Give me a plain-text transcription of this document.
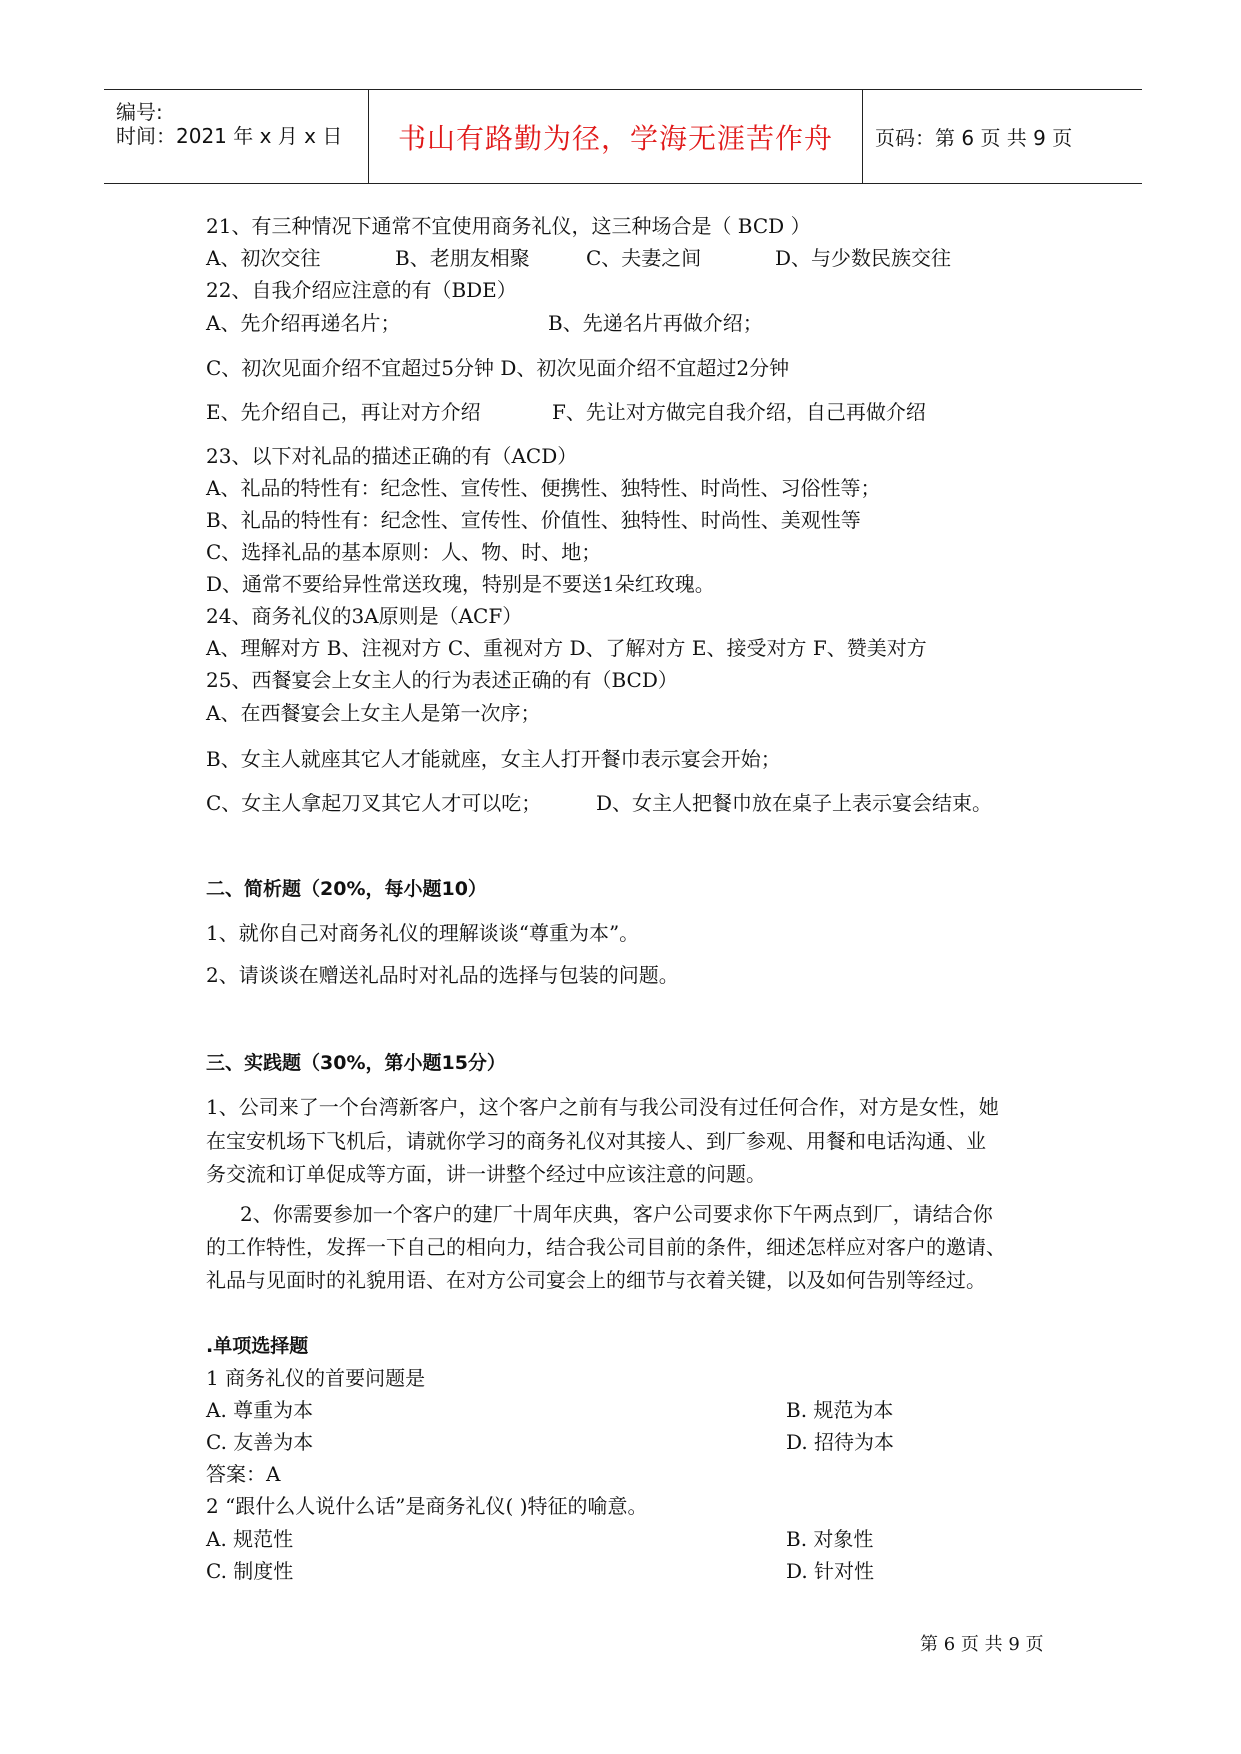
编号:
时间：2021 年 x 月 x 日 书山有路勤为径，学海无涯苦作舟 页码：第 6 页 共 9 页
21、有三种情况下通常不宜使用商务礼仪，这三种场合是（ BCD ）
A、初次交往	B、老朋友相聚	C、夫妻之间	D、与少数民族交往
22、自我介绍应注意的有（BDE）
A、先介绍再递名片；	B、先递名片再做介绍；
C、初次见面介绍不宜超过5分钟 D、初次见面介绍不宜超过2分钟
E、先介绍自己，再让对方介绍	F、先让对方做完自我介绍，自己再做介绍
23、以下对礼品的描述正确的有（ACD）
A、礼品的特性有：纪念性、宣传性、便携性、独特性、时尚性、习俗性等；
B、礼品的特性有：纪念性、宣传性、价值性、独特性、时尚性、美观性等
C、选择礼品的基本原则：人、物、时、地；
D、通常不要给异性常送玫瑰，特别是不要送1朵红玫瑰。
24、商务礼仪的3A原则是（ACF）
A、理解对方 B、注视对方 C、重视对方 D、了解对方 E、接受对方 F、赞美对方
25、西餐宴会上女主人的行为表述正确的有（BCD）
A、在西餐宴会上女主人是第一次序；
B、女主人就座其它人才能就座，女主人打开餐巾表示宴会开始；
C、女主人拿起刀叉其它人才可以吃；	D、女主人把餐巾放在桌子上表示宴会结束。
二、简析题（20%，每小题10）
1、就你自己对商务礼仪的理解谈谈“尊重为本”。
2、请谈谈在赠送礼品时对礼品的选择与包装的问题。
三、实践题（30%，第小题15分）
1、公司来了一个台湾新客户，这个客户之前有与我公司没有过任何合作，对方是女性，她
在宝安机场下飞机后，请就你学习的商务礼仪对其接人、到厂参观、用餐和电话沟通、业
务交流和订单促成等方面，讲一讲整个经过中应该注意的问题。
2、你需要参加一个客户的建厂十周年庆典，客户公司要求你下午两点到厂，请结合你
的工作特性，发挥一下自己的相向力，结合我公司目前的条件，细述怎样应对客户的邀请、
礼品与见面时的礼貌用语、在对方公司宴会上的细节与衣着关键，以及如何告别等经过。
.单项选择题
1 商务礼仪的首要问题是
A. 尊重为本	B. 规范为本
C. 友善为本	D. 招待为本
答案：A
2 “跟什么人说什么话”是商务礼仪( )特征的喻意。
A. 规范性	B. 对象性
C. 制度性	D. 针对性
第 6 页 共 9 页
